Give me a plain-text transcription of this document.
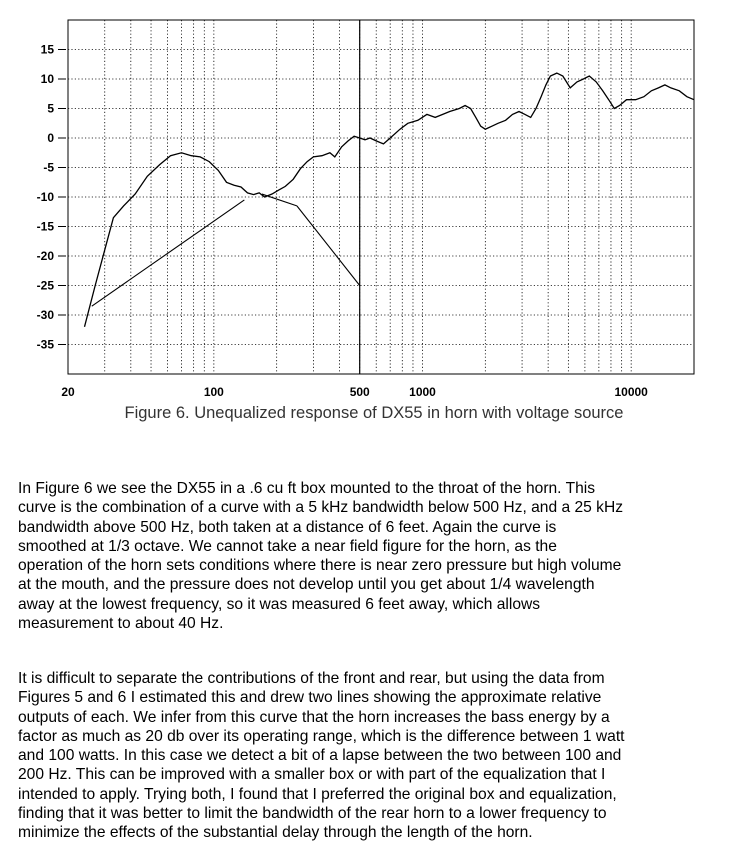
15
10
5
0
-5
-10
-15
-20
-25
-30
-35
20	100	500	1000	10000
Figure 6. Unequalized response of DX55 in horn with voltage source

In Figure 6 we see the DX55 in a .6 cu ft box mounted to the throat of the horn. This
curve is the combination of a curve with a 5 kHz bandwidth below 500 Hz, and a 25 kHz
bandwidth above 500 Hz, both taken at a distance of 6 feet. Again the curve is
smoothed at 1/3 octave. We cannot take a near field figure for the horn, as the
operation of the horn sets conditions where there is near zero pressure but high volume
at the mouth, and the pressure does not develop until you get about 1/4 wavelength
away at the lowest frequency, so it was measured 6 feet away, which allows
measurement to about 40 Hz.

It is difficult to separate the contributions of the front and rear, but using the data from
Figures 5 and 6 I estimated this and drew two lines showing the approximate relative
outputs of each. We infer from this curve that the horn increases the bass energy by a
factor as much as 20 db over its operating range, which is the difference between 1 watt
and 100 watts. In this case we detect a bit of a lapse between the two between 100 and
200 Hz. This can be improved with a smaller box or with part of the equalization that I
intended to apply. Trying both, I found that I preferred the original box and equalization,
finding that it was better to limit the bandwidth of the rear horn to a lower frequency to
minimize the effects of the substantial delay through the length of the horn.
